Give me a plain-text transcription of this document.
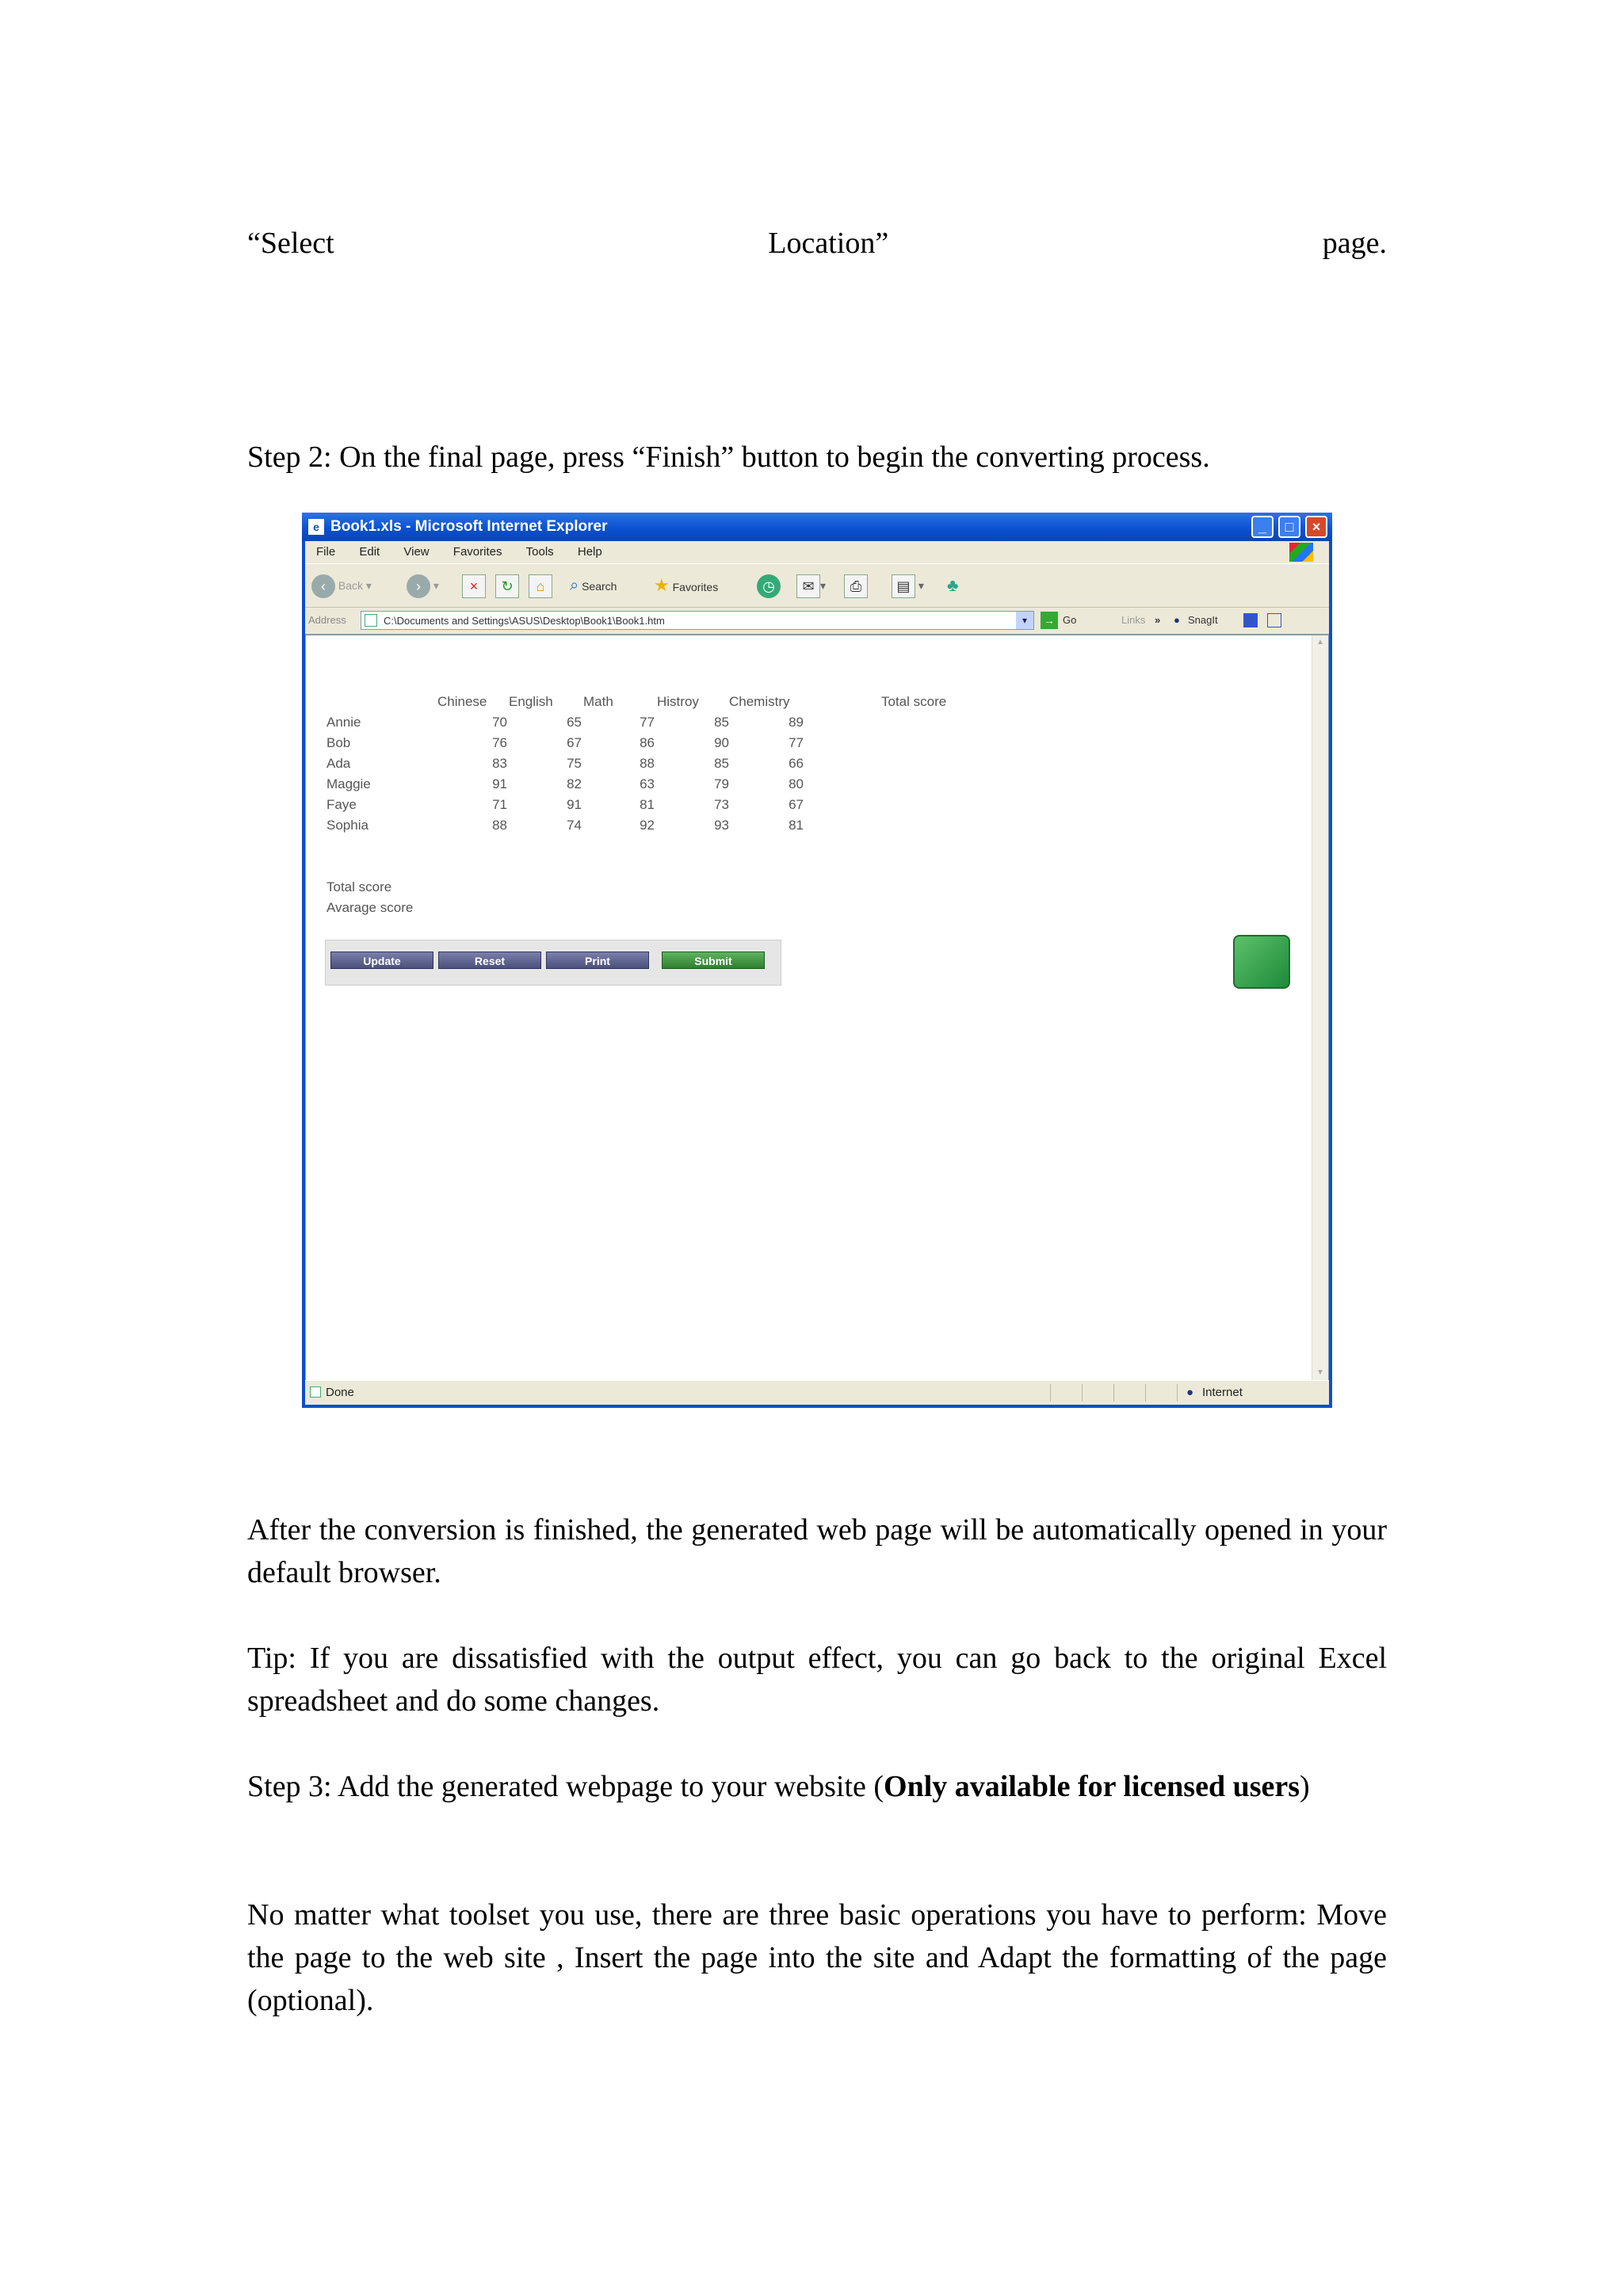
“Select	Location”	page.

Step 2: On the final page, press “Finish” button to begin the converting process.

e Book1.xls - Microsoft Internet Explorer	_	□	×
File Edit View Favorites Tools Help
‹ Back ▾	› ▾	×	↻	⌂	⌕ Search ★ Favorites	◷	✉ ▾	⎙	▤ ▾ ♣
Address	C:\Documents and Settings\ASUS\Desktop\Book1\Book1.htm	▾	→ Go	Links » ● SnagIt
Chinese English Math	Histroy Chemistry	Total score
Annie	70	65	77	85	89
Bob	76	67	86	90	77
Ada	83	75	88	85	66
Maggie	91	82	63	79	80
Faye	71	91	81	73	67
Sophia	88	74	92	93	81
Total score
Avarage score
Update	Reset	Print	Submit
▲
▼
Done	● Internet

After the conversion is finished, the generated web page will be automatically opened in your default browser.

Tip: If you are dissatisfied with the output effect, you can go back to the original Excel spreadsheet and do some changes.

Step 3: Add the generated webpage to your website (Only available for licensed users)

No matter what toolset you use, there are three basic operations you have to perform: Move the page to the web site , Insert the page into the site and Adapt the formatting of the page (optional).
